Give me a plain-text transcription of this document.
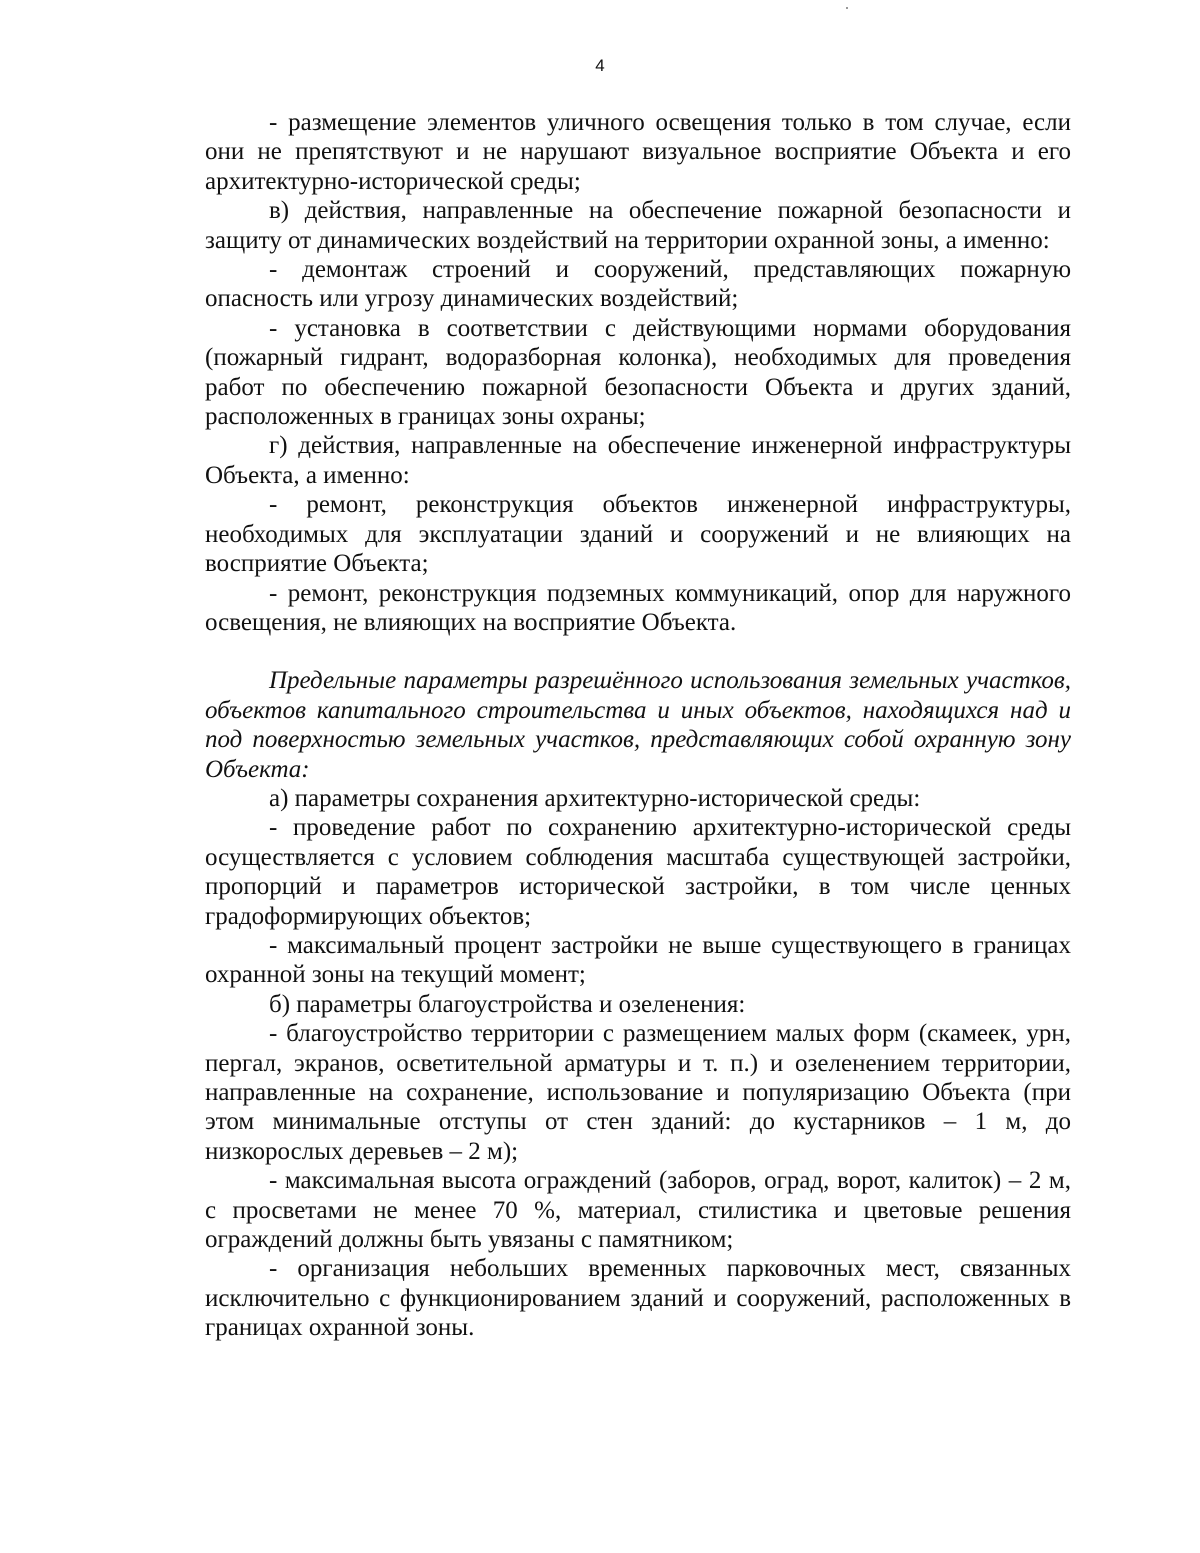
4

- размещение элементов уличного освещения только в том случае, если они не препятствуют и не нарушают визуальное восприятие Объекта и его архитектурно-исторической среды;

в) действия, направленные на обеспечение пожарной безопасности и защиту от динамических воздействий на территории охранной зоны, а именно:

- демонтаж строений и сооружений, представляющих пожарную опасность или угрозу динамических воздействий;

- установка в соответствии с действующими нормами оборудования (пожарный гидрант, водоразборная колонка), необходимых для проведения работ по обеспечению пожарной безопасности Объекта и других зданий, расположенных в границах зоны охраны;

г) действия, направленные на обеспечение инженерной инфраструктуры Объекта, а именно:

- ремонт, реконструкция объектов инженерной инфраструктуры, необходимых для эксплуатации зданий и сооружений и не влияющих на восприятие Объекта;

- ремонт, реконструкция подземных коммуникаций, опор для наружного освещения, не влияющих на восприятие Объекта.

Предельные параметры разрешённого использования земельных участков, объектов капитального строительства и иных объектов, находящихся над и под поверхностью земельных участков, представляющих собой охранную зону Объекта:

а) параметры сохранения архитектурно-исторической среды:

- проведение работ по сохранению архитектурно-исторической среды осуществляется с условием соблюдения масштаба существующей застройки, пропорций и параметров исторической застройки, в том числе ценных градоформирующих объектов;

- максимальный процент застройки не выше существующего в границах охранной зоны на текущий момент;

б) параметры благоустройства и озеленения:

- благоустройство территории с размещением малых форм (скамеек, урн, пергал, экранов, осветительной арматуры и т. п.) и озеленением территории, направленные на сохранение, использование и популяризацию Объекта (при этом минимальные отступы от стен зданий: до кустарников – 1 м, до низкорослых деревьев – 2 м);

- максимальная высота ограждений (заборов, оград, ворот, калиток) – 2 м, с просветами не менее 70 %, материал, стилистика и цветовые решения ограждений должны быть увязаны с памятником;

- организация небольших временных парковочных мест, связанных исключительно с функционированием зданий и сооружений, расположенных в границах охранной зоны.
